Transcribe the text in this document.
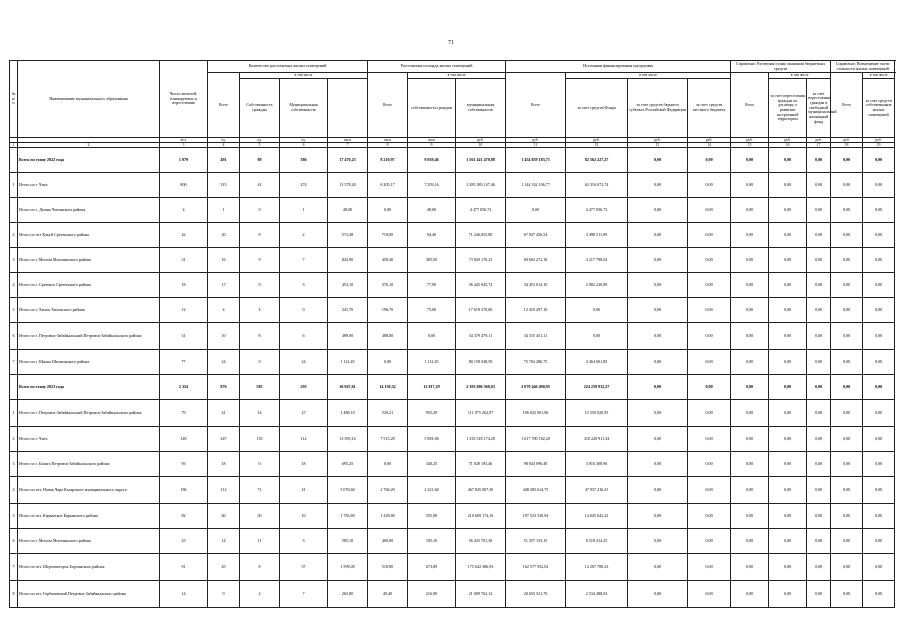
71
№ п/п	Наименование муниципального образования	Число жителей, планируемых к переселению	Количество расселяемых жилых помещений				Расселяемая площадь жилых помещений			Источники финансирования программы				Справочно: Расчетная сумма экономии бюджетных средств			Справочно: Возмещение части стоимости жилых помещений		
			Всего	в том числе			Всего	в том числе		Всего	в том числе			Всего	в том числе		Всего	в том числе	
				Собственность граждан	Муниципальная собственность			собственность граждан	муниципальная собственность		за счет средств Фонда	за счет средств бюджета субъекта Российской Федерации	за счет средств местного бюджета		за счет переселения граждан по договору о развитии застроенной территории	за счет переселения граждан в свободный муниципальный жилищный фонд		за счет средств собственников жилых помещений	
		чел.	ед.	ед.	ед.	кв.м	кв.м	кв.м	руб.	руб.	руб.	руб.	руб.	руб.	руб.	руб.	руб.	руб.	
1	2	3	4	5	6	7	8	9	10	11	12	13	14	15	16	17	18	19	
	Всего по этапу 2022 года	1 079	491	89	386	17 470,23	8 210,97	9 059,46	1 561 421 470,88	1 454 859 183,71	82 562 227,27	0,00	0,00	0,00	0,00	0,00	0,00	0,00	
1	Итого по г. Чита	800	315	41	274	13 578,20	6 205,17	7 293,16	1 285 383 147,46	1 144 332 106,77	62 316 072,74	0,00	0,00	0,00	0,00	0,00	0,00	0,00	
	Итого по с. Домна Читинского района	4	1	0	1	48,00	0,00	48,00	4 477 056,72	0,00	4 477 056,72	0,00	0,00	0,00	0,00	0,00	0,00	0,00	
2	Итого по пгт Кокуй Сретенского района	42	20	8	2	572,48	718,00	94,40	71 246,055,80	67 947 456,54	3 498 511,09	0,00	0,00	0,00	0,00	0,00	0,00	0,00	
3	Итого по г. Могоча Могочинского района	31	16	9	7	843,90	458,40	385,50	73 820 170,23	69 602 272,18	4 217 798,04	0,00	0,00	0,00	0,00	0,00	0,00	0,00	
4	Итого по г. Сретенск Сретенского района	18	17	0	3	453,10	376,10	77,00	36 445 045,74	34 453 014,10	2 082 230,89	0,00	0,00	0,00	0,00	0,00	0,00	0,00	
5	Итого по г. Хилок Хилокского района	12	4	4	0	241,70	196,70	75,00	17 618 370,00	12 410 297,10	0,00	0,00	0,00	0,00	0,00	0,00	0,00	0,00	
6	Итого по г. Петровск-Забайкальский Петровск-Забайкальского района	31	10	8	6	489,00	488,00	0,00	34 379 479,11	34 315 451,11	0,00	0,00	0,00	0,00	0,00	0,00	0,00	0,00	
7	Итого по г. Шилка Шилкинского района	77	24	0	24	1 112,45	0,00	1 112,45	80 158 048,59	75 704 286,75	4 464 601,85	0,00	0,00	0,00	0,00	0,00	0,00	0,00	
	Всего по этапу 2023 года	2 354	876	585	293	26 947,61	14 130,32	12 817,29	2 303 696 360,03	2 079 446 490,95	224 259 932,27	0,00	0,00	0,00	0,00	0,00	0,00	0,00	
1	Итого по г. Петровск-Забайкальский Петровск-Забайкальского района	79	41	14	27	1 488,10	530,21	955,29	111 075 262,97	106 025 001,06	15 550 020,95	0,00	0,00	0,00	0,00	0,00	0,00	0,00	
2	Итого по г. Чита	349	247	135	112	13 395,16	7 515,20	5 881,06	1 335 518 174,28	1 617 700 182,20	310 220 911,34	0,00	0,00	0,00	0,00	0,00	0,00	0,00	
3	Итого по г. Баляга Петровск-Забайкальского района	93	18	0	18	695,25	0,00	340,25	71 028 193,46	98 043 096,49	3 816 308,96	0,00	0,00	0,00	0,00	0,00	0,00	0,00	
4	Итого по пгт. Новая Чара Каларского муниципального округа	186	112	71	41	5 070,60	2 766,20	2 321,60	467 845 007,30	448 385 614,75	47 937 416,41	0,00	0,00	0,00	0,00	0,00	0,00	0,00	
5	Итого по пгт. Карымское Карымского района	82	40	30	10	1 783,69	1 228,80	555,90	210 669 174,16	197 523 530,94	14 045 643,22	0,00	0,00	0,00	0,00	0,00	0,00	0,00	
6	Итого по г. Могоча Могочинского района	25	14	11	3	585,10	400,00	185,10	56 435 701,30	51 357 153,15	8 518 414,25	0,00	0,00	0,00	0,00	0,00	0,00	0,00	
7	Итого по пгт. Шерловогорск Борзинского района	91	45	8	37	1 599,49	518,80	673,89	175 642 386,93	162 577 952,02	12 207 780,23	0,00	0,00	0,00	0,00	0,00	0,00	0,00	
8	Итого по пгт. Горбачевский Петровск-Забайкальского района	14	9	2	7	265,80	49,40	216,90	21 009 762,12	20 655 521,70	2 534 488,03	0,00	0,00	0,00	0,00	0,00	0,00	0,00	
